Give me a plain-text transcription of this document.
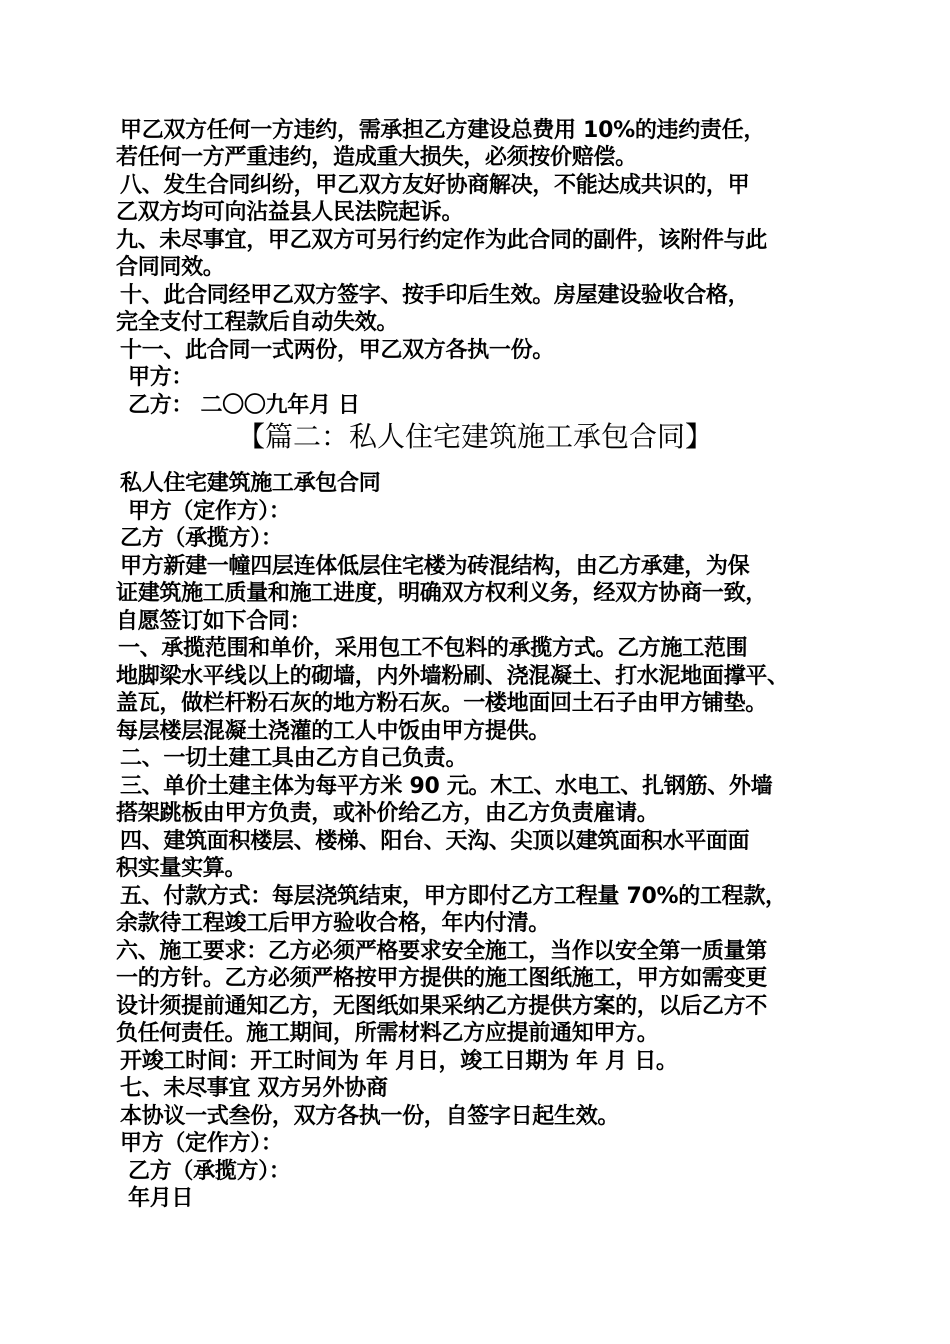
甲乙双方任何一方违约，需承担乙方建设总费用 10%的违约责任，
若任何一方严重违约，造成重大损失，必须按价赔偿。
八、发生合同纠纷，甲乙双方友好协商解决，不能达成共识的，甲
乙双方均可向沾益县人民法院起诉。
九、未尽事宜，甲乙双方可另行约定作为此合同的副件，该附件与此
合同同效。
十、此合同经甲乙双方签字、按手印后生效。房屋建设验收合格，
完全支付工程款后自动失效。
十一、此合同一式两份，甲乙双方各执一份。
甲方：
乙方： 二〇〇九年月 日
【篇二：私人住宅建筑施工承包合同】
私人住宅建筑施工承包合同
甲方（定作方）：
乙方（承揽方）：
甲方新建一幢四层连体低层住宅楼为砖混结构，由乙方承建，为保
证建筑施工质量和施工进度，明确双方权利义务，经双方协商一致，
自愿签订如下合同：
一、承揽范围和单价，采用包工不包料的承揽方式。乙方施工范围
地脚梁水平线以上的砌墙，内外墙粉刷、浇混凝土、打水泥地面撑平、
盖瓦，做栏杆粉石灰的地方粉石灰。一楼地面回土石子由甲方铺垫。
每层楼层混凝土浇灌的工人中饭由甲方提供。
二、一切土建工具由乙方自己负责。
三、单价土建主体为每平方米 90 元。木工、水电工、扎钢筋、外墙
搭架跳板由甲方负责，或补价给乙方，由乙方负责雇请。
四、建筑面积楼层、楼梯、阳台、天沟、尖顶以建筑面积水平面面
积实量实算。
五、付款方式：每层浇筑结束，甲方即付乙方工程量 70%的工程款，
余款待工程竣工后甲方验收合格，年内付清。
六、施工要求：乙方必须严格要求安全施工，当作以安全第一质量第
一的方针。乙方必须严格按甲方提供的施工图纸施工，甲方如需变更
设计须提前通知乙方，无图纸如果采纳乙方提供方案的，以后乙方不
负任何责任。施工期间，所需材料乙方应提前通知甲方。
开竣工时间：开工时间为 年 月日，竣工日期为 年 月 日。
七、未尽事宜 双方另外协商
本协议一式叁份，双方各执一份，自签字日起生效。
甲方（定作方）：
乙方（承揽方）：
年月日
